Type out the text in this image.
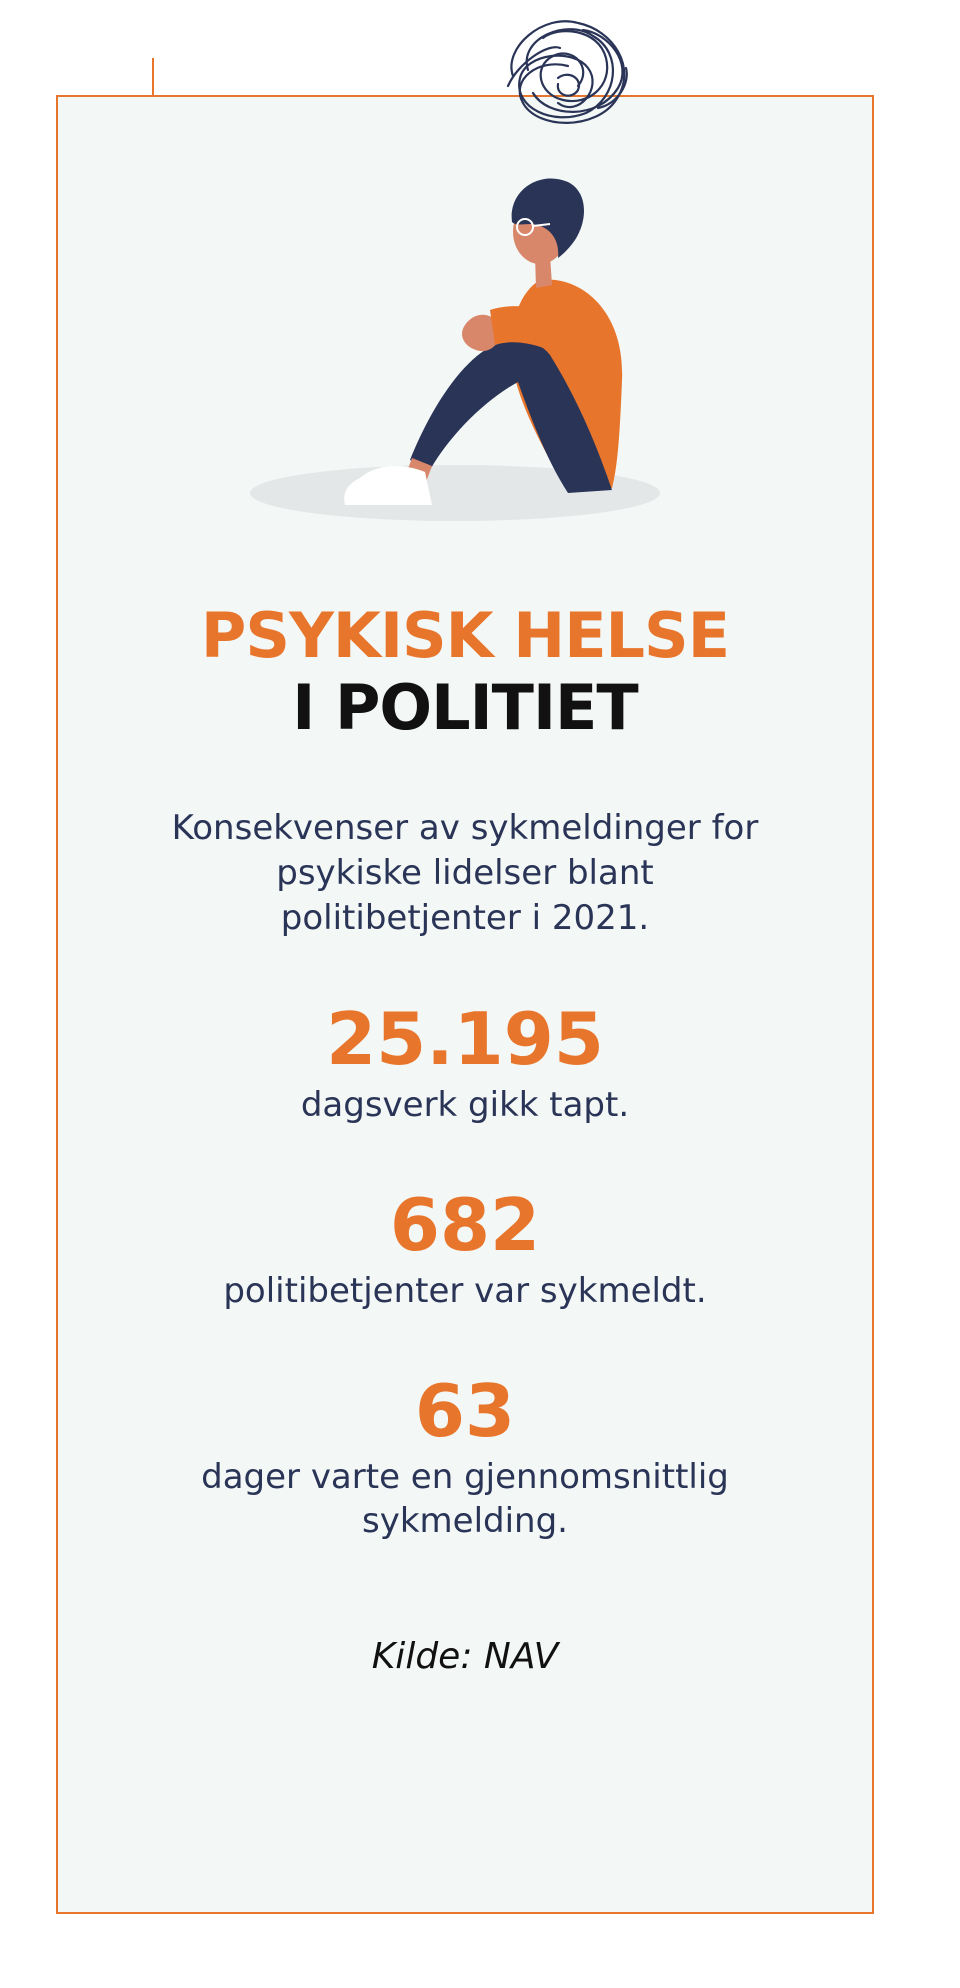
PSYKISK HELSE
I POLITIET

Konsekvenser av sykmeldinger for psykiske lidelser blant politibetjenter i 2021.

25.195
dagsverk gikk tapt.
682
politibetjenter var sykmeldt.
63
dager varte en gjennomsnittlig sykmelding.
Kilde: NAV
